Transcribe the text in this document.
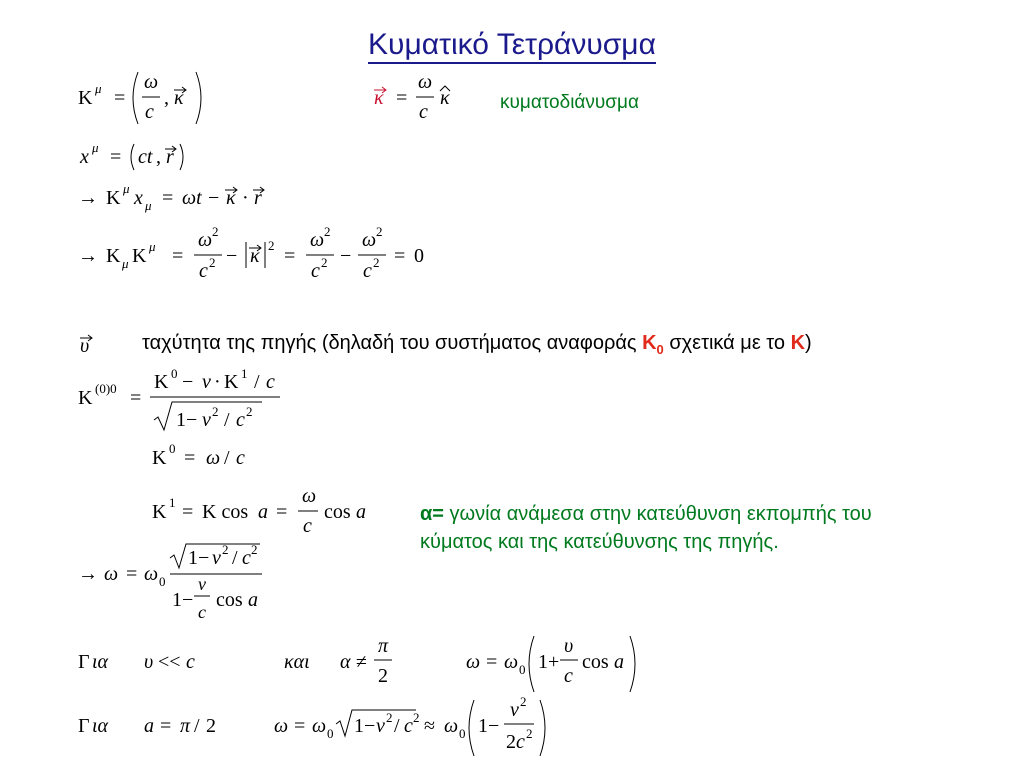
Κυματικό Τετράνυσμα
K μ =
ω
c
, κ	κ =
ω
c
κ	κυματοδιάνυσμα
x μ = ct , r
→ K μ x μ = ωt − κ · r
→ K μ K μ =
ω 2
c 2 − κ 2 =
ω 2
c 2 −
ω 2
c 2 = 0
υ	ταχύτητα της πηγής (δηλαδή του συστήματος αναφοράς $K_0$ σχετικά με το K)
K (0)0 =
K 0 − v · K 1 / c
1− v 2 / c 2
K 0 = ω / c
K 1 = K cos a =
ω
c
cos a	α= γωνία ανάμεσα στην κατεύθυνση εκπομπής του
κύματος και της κατεύθυνσης της πηγής.
→ ω = ω 0
1− v 2 / c 2
1−
v
c
cos a
Γ ια υ << c	και α ≠
π
2
ω = ω 0 1+
υ
c
cos a
Γ ια a = π / 2	ω = ω 0 1− v 2 / c 2 ≈ ω 0 1−
v 2
2 c 2
